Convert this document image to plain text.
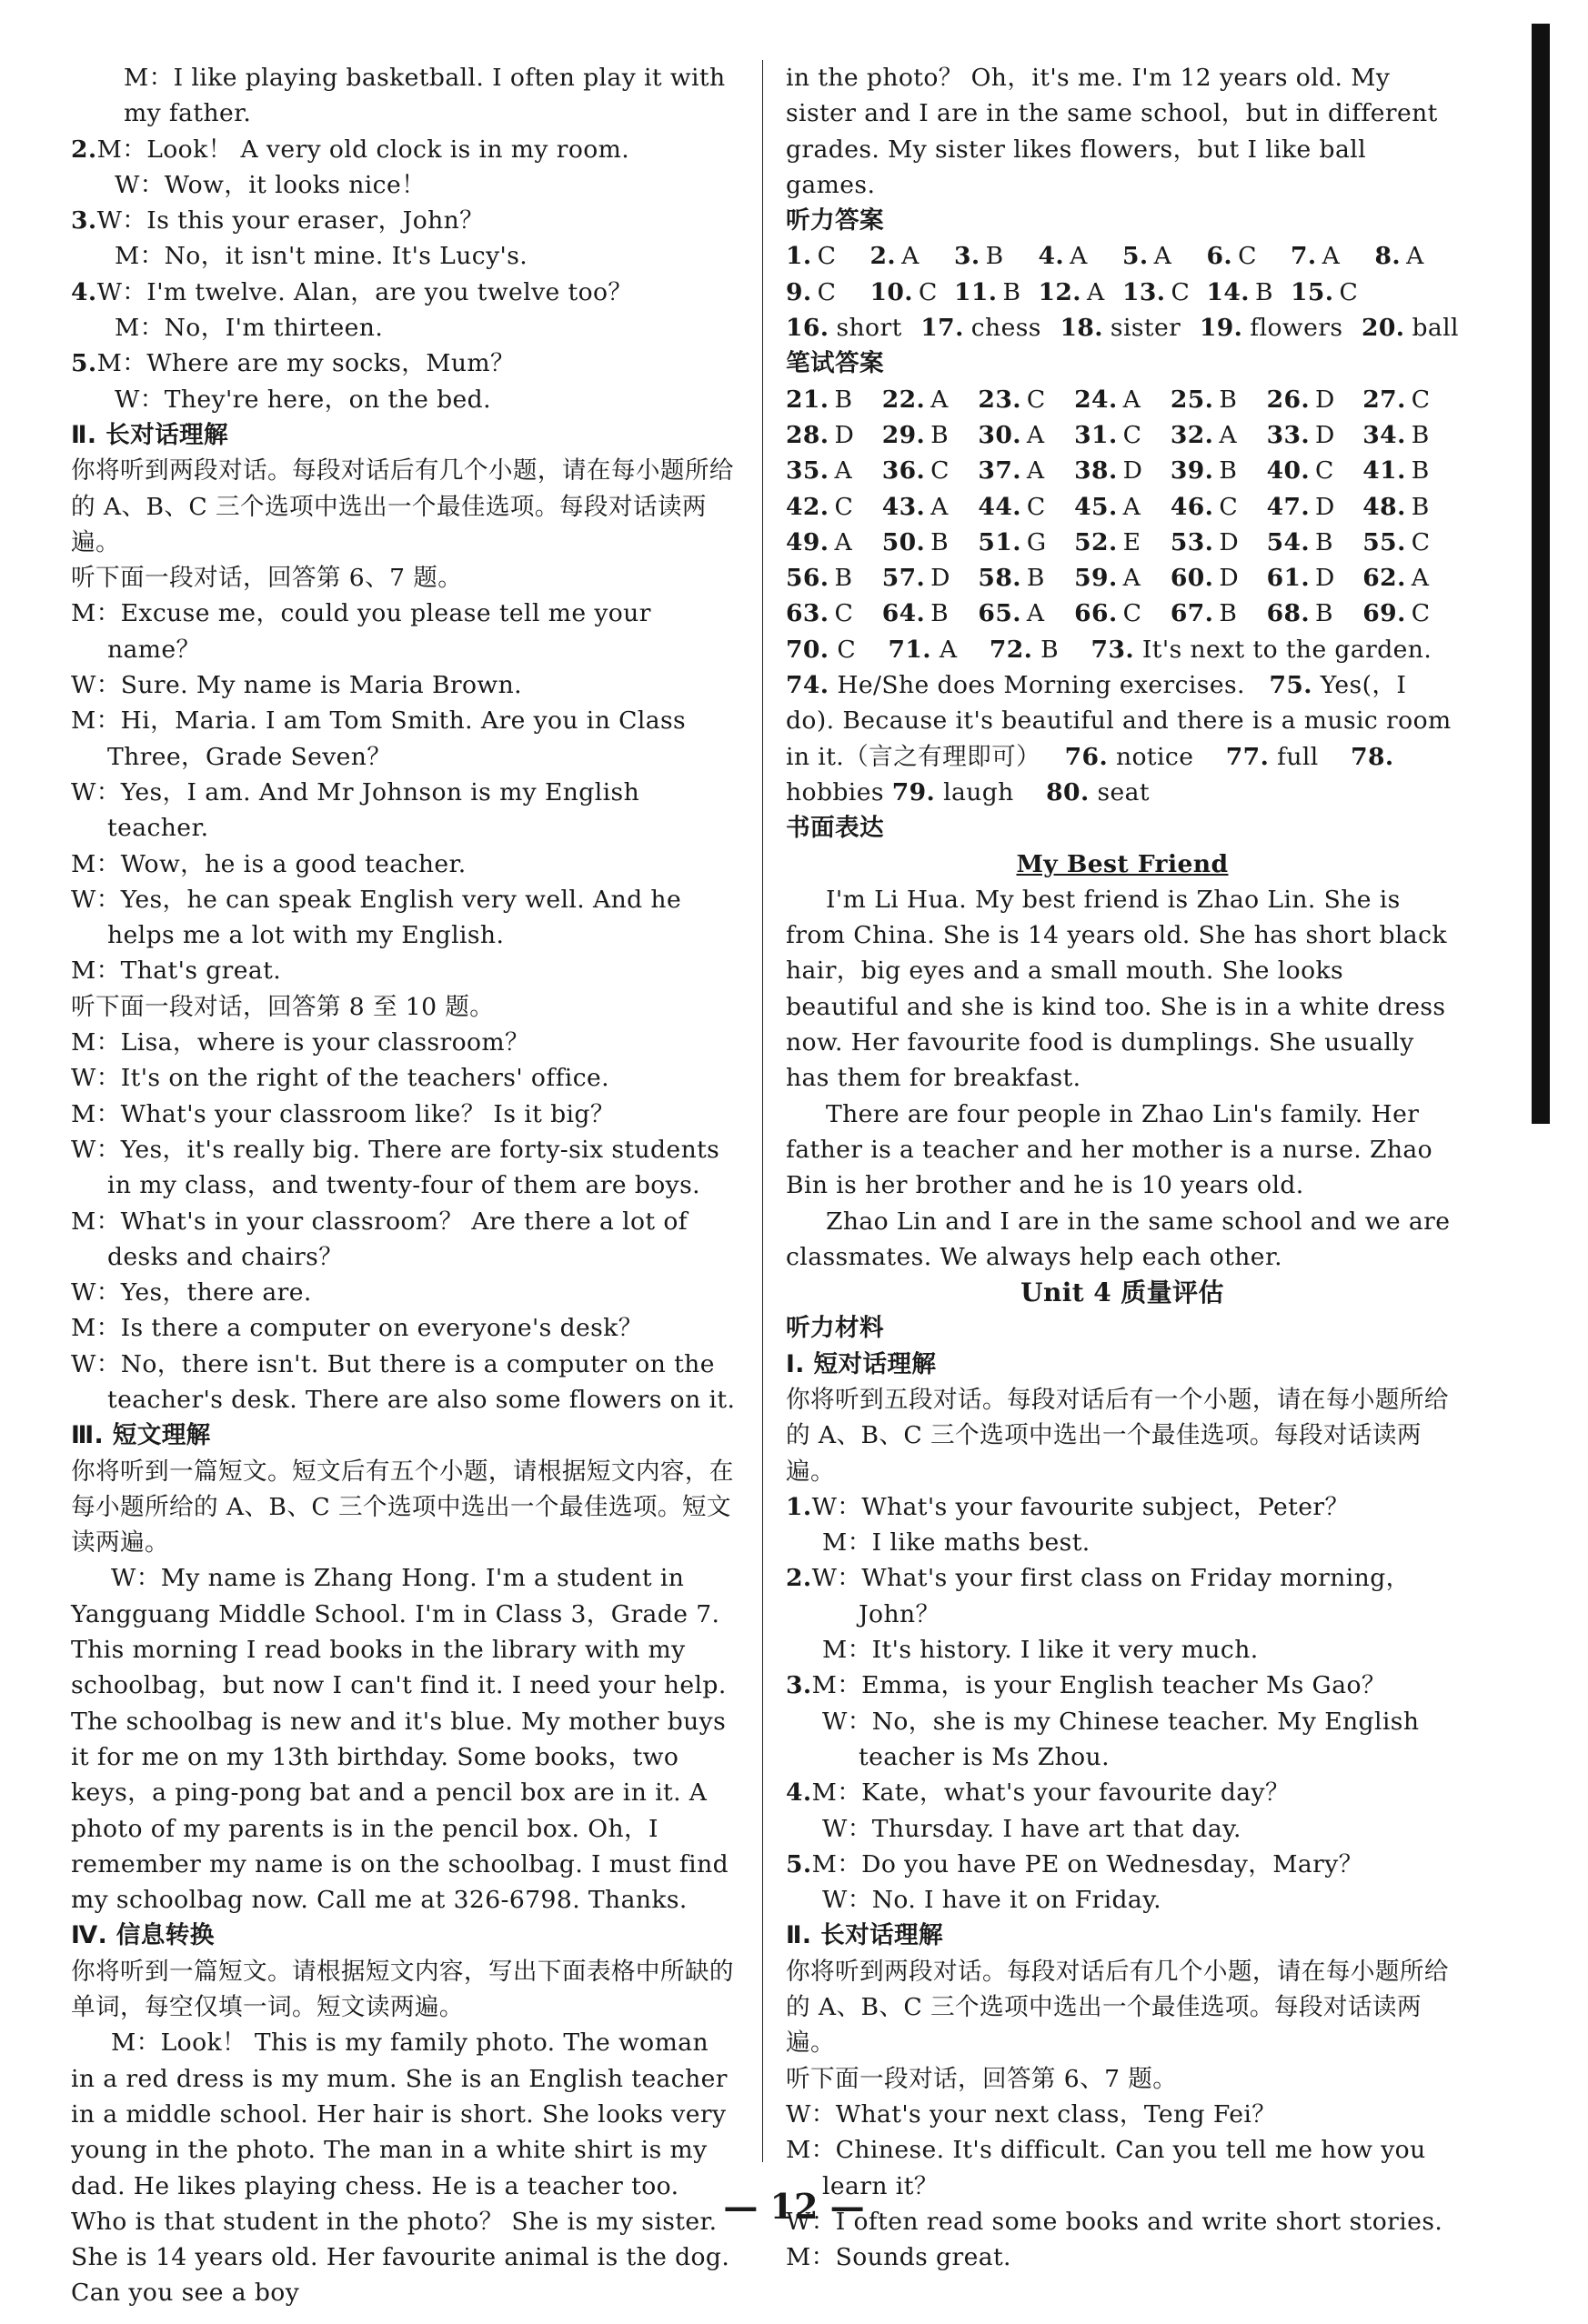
M：I like playing basketball. I often play it with my father.

2.M：Look！ A very old clock is in my room.

W：Wow，it looks nice！

3.W：Is this your eraser，John？

M：No，it isn't mine. It's Lucy's.

4.W：I'm twelve. Alan，are you twelve too？

M：No，I'm thirteen.

5.M：Where are my socks，Mum？

W：They're here，on the bed.

Ⅱ. 长对话理解

你将听到两段对话。每段对话后有几个小题，请在每小题所给的 A、B、C 三个选项中选出一个最佳选项。每段对话读两遍。

听下面一段对话，回答第 6、7 题。

M：Excuse me，could you please tell me your name？

W：Sure. My name is Maria Brown.

M：Hi，Maria. I am Tom Smith. Are you in Class Three，Grade Seven？

W：Yes，I am. And Mr Johnson is my English teacher.

M：Wow，he is a good teacher.

W：Yes，he can speak English very well. And he helps me a lot with my English.

M：That's great.

听下面一段对话，回答第 8 至 10 题。

M：Lisa，where is your classroom？

W：It's on the right of the teachers' office.

M：What's your classroom like？ Is it big？

W：Yes，it's really big. There are forty-six students in my class，and twenty-four of them are boys.

M：What's in your classroom？ Are there a lot of desks and chairs？

W：Yes，there are.

M：Is there a computer on everyone's desk？

W：No，there isn't. But there is a computer on the teacher's desk. There are also some flowers on it.

Ⅲ. 短文理解

你将听到一篇短文。短文后有五个小题，请根据短文内容，在每小题所给的 A、B、C 三个选项中选出一个最佳选项。短文读两遍。

W：My name is Zhang Hong. I'm a student in Yangguang Middle School. I'm in Class 3，Grade 7. This morning I read books in the library with my schoolbag，but now I can't find it. I need your help. The schoolbag is new and it's blue. My mother buys it for me on my 13th birthday. Some books，two keys，a ping-pong bat and a pencil box are in it. A photo of my parents is in the pencil box. Oh，I remember my name is on the schoolbag. I must find my schoolbag now. Call me at 326-6798. Thanks.

Ⅳ. 信息转换

你将听到一篇短文。请根据短文内容，写出下面表格中所缺的单词，每空仅填一词。短文读两遍。

M：Look！ This is my family photo. The woman in a red dress is my mum. She is an English teacher in a middle school. Her hair is short. She looks very young in the photo. The man in a white shirt is my dad. He likes playing chess. He is a teacher too. Who is that student in the photo？ She is my sister. She is 14 years old. Her favourite animal is the dog. Can you see a boy

in the photo？ Oh，it's me. I'm 12 years old. My sister and I are in the same school，but in different grades. My sister likes flowers，but I like ball games.

听力答案

1. C	2. A	3. B	4. A	5. A	6. C	7. A	8. A

9. C	10. C 11. B 12. A 13. C 14. B 15. C

16. short 17. chess 18. sister 19. flowers 20. ball

笔试答案

21. B	22. A	23. C	24. A	25. B	26. D	27. C

28. D	29. B	30. A	31. C	32. A	33. D	34. B

35. A	36. C	37. A	38. D	39. B	40. C	41. B

42. C	43. A	44. C	45. A	46. C	47. D	48. B

49. A	50. B	51. G	52. E	53. D	54. B	55. C

56. B	57. D	58. B	59. A	60. D	61. D	62. A

63. C	64. B	65. A	66. C	67. B	68. B	69. C

70. C 71. A 72. B 73. It's next to the garden.

74. He/She does Morning exercises. 75. Yes(，I do). Because it's beautiful and there is a music room in it.（言之有理即可） 76. notice 77. full 78. hobbies 79. laugh 80. seat

书面表达

My Best Friend

I'm Li Hua. My best friend is Zhao Lin. She is from China. She is 14 years old. She has short black hair，big eyes and a small mouth. She looks beautiful and she is kind too. She is in a white dress now. Her favourite food is dumplings. She usually has them for breakfast.

There are four people in Zhao Lin's family. Her father is a teacher and her mother is a nurse. Zhao Bin is her brother and he is 10 years old.

Zhao Lin and I are in the same school and we are classmates. We always help each other.

Unit 4 质量评估

听力材料

Ⅰ. 短对话理解

你将听到五段对话。每段对话后有一个小题，请在每小题所给的 A、B、C 三个选项中选出一个最佳选项。每段对话读两遍。

1.W：What's your favourite subject，Peter？

M：I like maths best.

2.W：What's your first class on Friday morning，John？

M：It's history. I like it very much.

3.M：Emma，is your English teacher Ms Gao？

W：No，she is my Chinese teacher. My English teacher is Ms Zhou.

4.M：Kate，what's your favourite day？

W：Thursday. I have art that day.

5.M：Do you have PE on Wednesday，Mary？

W：No. I have it on Friday.

Ⅱ. 长对话理解

你将听到两段对话。每段对话后有几个小题，请在每小题所给的 A、B、C 三个选项中选出一个最佳选项。每段对话读两遍。

听下面一段对话，回答第 6、7 题。

W：What's your next class，Teng Fei？

M：Chinese. It's difficult. Can you tell me how you learn it？

W：I often read some books and write short stories.

M：Sounds great.

— 12 —
